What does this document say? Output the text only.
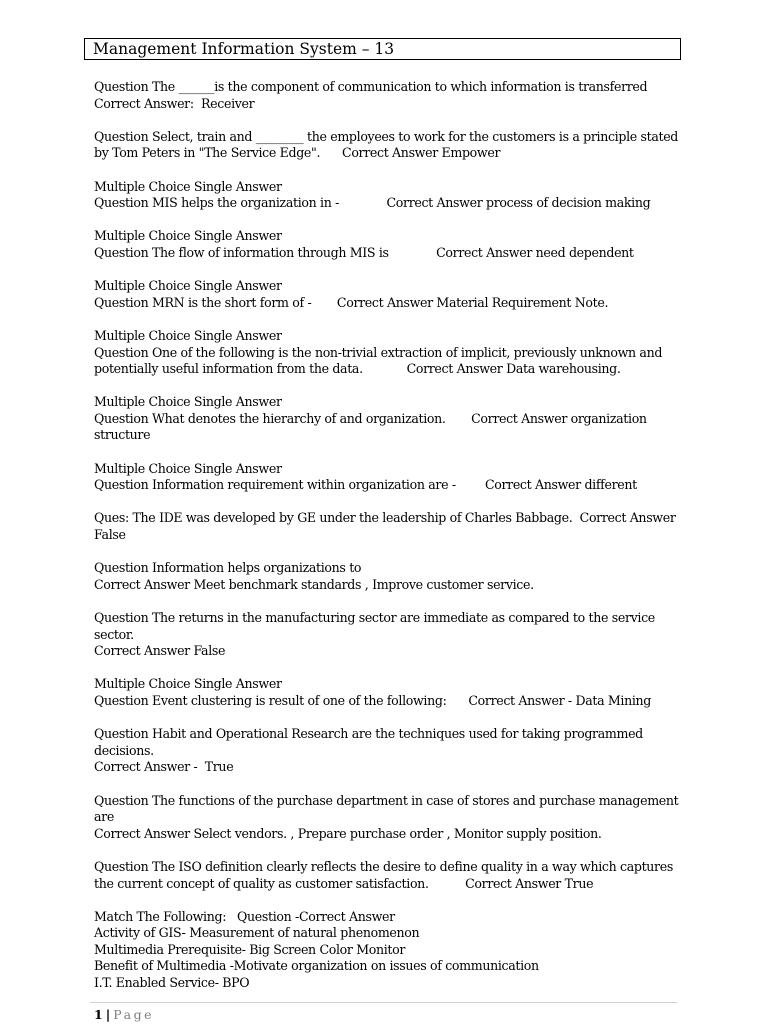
Management Information System – 13
Question The ______is the component of communication to which information is transferred
Correct Answer:  Receiver
Question Select, train and ________ the employees to work for the customers is a principle stated
by Tom Peters in "The Service Edge".      Correct Answer Empower
Multiple Choice Single Answer
Question MIS helps the organization in -             Correct Answer process of decision making
Multiple Choice Single Answer
Question The flow of information through MIS is             Correct Answer need dependent
Multiple Choice Single Answer
Question MRN is the short form of -       Correct Answer Material Requirement Note.
Multiple Choice Single Answer
Question One of the following is the non-trivial extraction of implicit, previously unknown and
potentially useful information from the data.            Correct Answer Data warehousing.
Multiple Choice Single Answer
Question What denotes the hierarchy of and organization.       Correct Answer organization
structure
Multiple Choice Single Answer
Question Information requirement within organization are -        Correct Answer different
Ques: The IDE was developed by GE under the leadership of Charles Babbage.  Correct Answer
False
Question Information helps organizations to
Correct Answer Meet benchmark standards , Improve customer service.
Question The returns in the manufacturing sector are immediate as compared to the service
sector.
Correct Answer False
Multiple Choice Single Answer
Question Event clustering is result of one of the following:      Correct Answer - Data Mining
Question Habit and Operational Research are the techniques used for taking programmed
decisions.
Correct Answer -  True
Question The functions of the purchase department in case of stores and purchase management
are
Correct Answer Select vendors. , Prepare purchase order , Monitor supply position.
Question The ISO definition clearly reflects the desire to define quality in a way which captures
the current concept of quality as customer satisfaction.          Correct Answer True
Match The Following:   Question -Correct Answer
Activity of GIS- Measurement of natural phenomenon
Multimedia Prerequisite- Big Screen Color Monitor
Benefit of Multimedia -Motivate organization on issues of communication
I.T. Enabled Service- BPO
1 | Page
